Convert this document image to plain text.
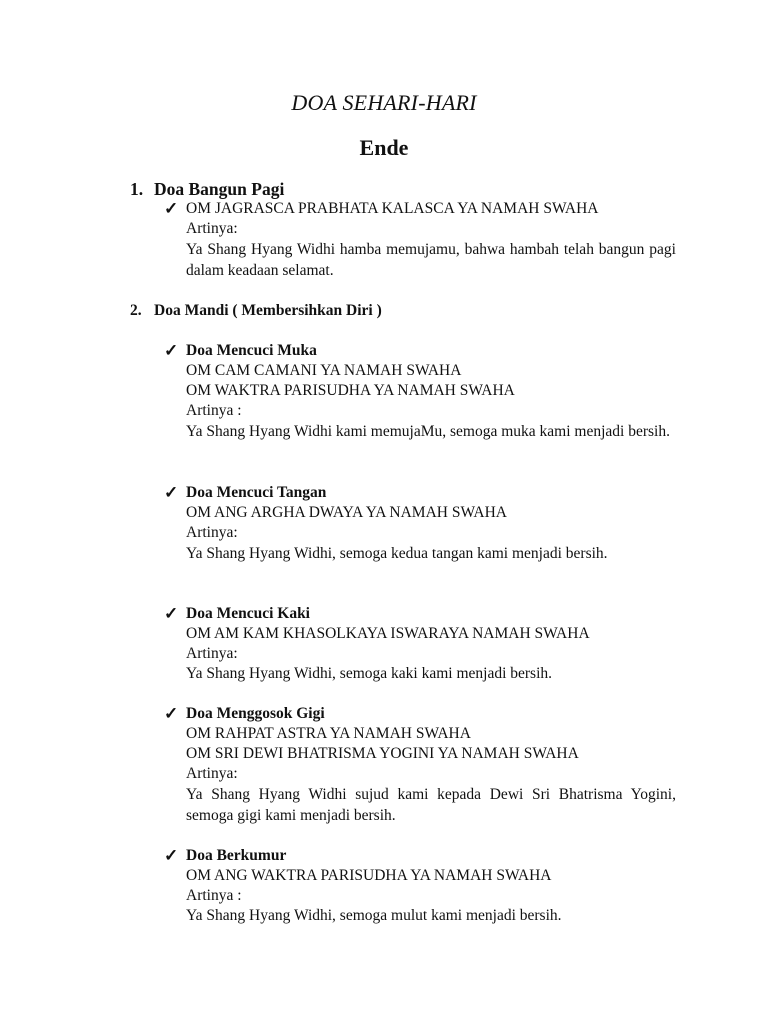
DOA SEHARI-HARI
Ende
1. Doa Bangun Pagi
✓ OM JAGRASCA PRABHATA KALASCA YA NAMAH SWAHA
Artinya:
Ya Shang Hyang Widhi hamba memujamu, bahwa hambah telah bangun pagi dalam keadaan selamat.
2. Doa Mandi ( Membersihkan Diri )
✓ Doa Mencuci Muka
OM CAM CAMANI YA NAMAH SWAHA
OM WAKTRA PARISUDHA YA NAMAH SWAHA
Artinya :
Ya Shang Hyang Widhi kami memujaMu, semoga muka kami menjadi bersih.
✓ Doa Mencuci Tangan
OM ANG ARGHA DWAYA YA NAMAH SWAHA
Artinya:
Ya Shang Hyang Widhi, semoga kedua tangan kami menjadi bersih.
✓ Doa Mencuci Kaki
OM AM KAM KHASOLKAYA ISWARAYA NAMAH SWAHA
Artinya:
Ya Shang Hyang Widhi, semoga kaki kami menjadi bersih.
✓ Doa Menggosok Gigi
OM RAHPAT ASTRA YA NAMAH SWAHA
OM SRI DEWI BHATRISMA YOGINI YA NAMAH SWAHA
Artinya:
Ya Shang Hyang Widhi sujud kami kepada Dewi Sri Bhatrisma Yogini, semoga gigi kami menjadi bersih.
✓ Doa Berkumur
OM ANG WAKTRA PARISUDHA YA NAMAH SWAHA
Artinya :
Ya Shang Hyang Widhi, semoga mulut kami menjadi bersih.
